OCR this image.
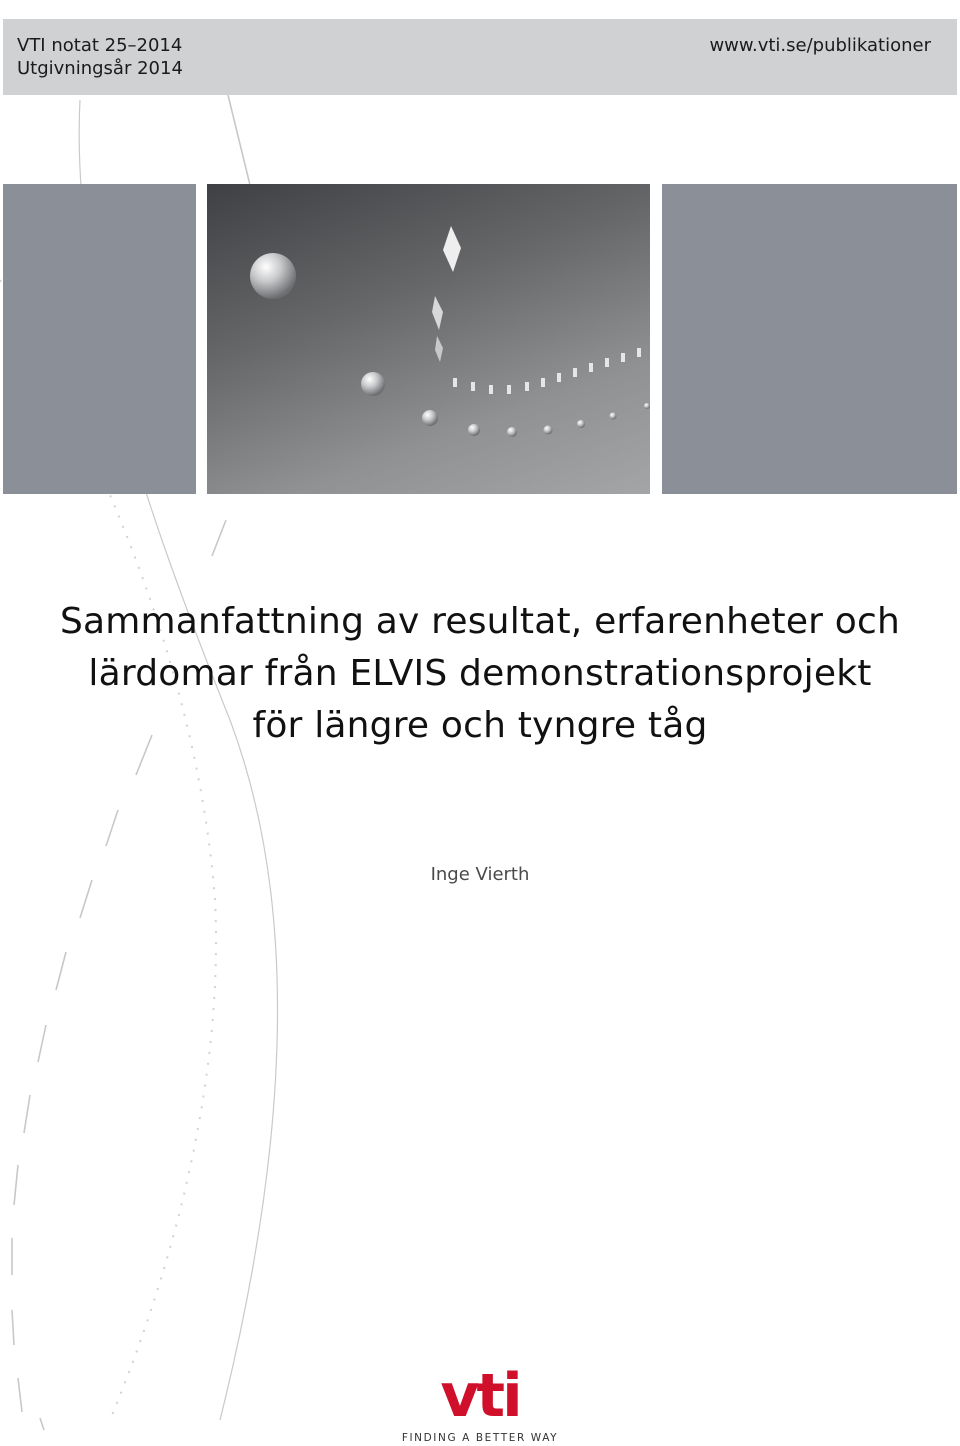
VTI notat 25–2014
Utgivningsår 2014
www.vti.se/publikationer
Sammanfattning av resultat, erfarenheter och
lärdomar från ELVIS demonstrationsprojekt
för längre och tyngre tåg
Inge Vierth
vti
FINDING A BETTER WAY
